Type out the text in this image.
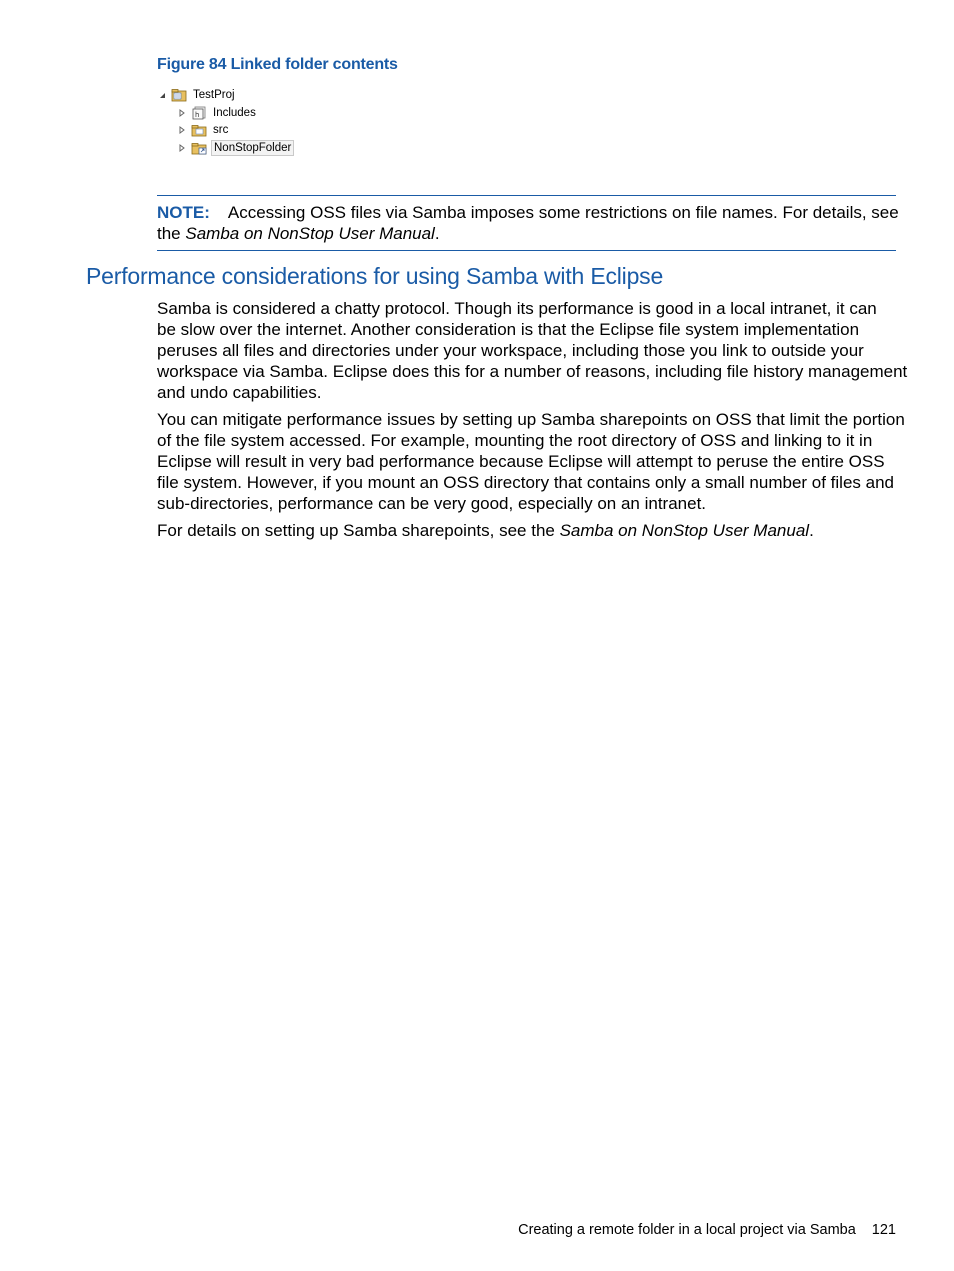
Figure 84 Linked folder contents
TestProj
h Includes
src
NonStopFolder
NOTE: Accessing OSS files via Samba imposes some restrictions on file names. For details, see
the Samba on NonStop User Manual.
Performance considerations for using Samba with Eclipse
Samba is considered a chatty protocol. Though its performance is good in a local intranet, it can
be slow over the internet. Another consideration is that the Eclipse file system implementation
peruses all files and directories under your workspace, including those you link to outside your
workspace via Samba. Eclipse does this for a number of reasons, including file history management
and undo capabilities.
You can mitigate performance issues by setting up Samba sharepoints on OSS that limit the portion
of the file system accessed. For example, mounting the root directory of OSS and linking to it in
Eclipse will result in very bad performance because Eclipse will attempt to peruse the entire OSS
file system. However, if you mount an OSS directory that contains only a small number of files and
sub-directories, performance can be very good, especially on an intranet.
For details on setting up Samba sharepoints, see the Samba on NonStop User Manual.
Creating a remote folder in a local project via Samba 121
